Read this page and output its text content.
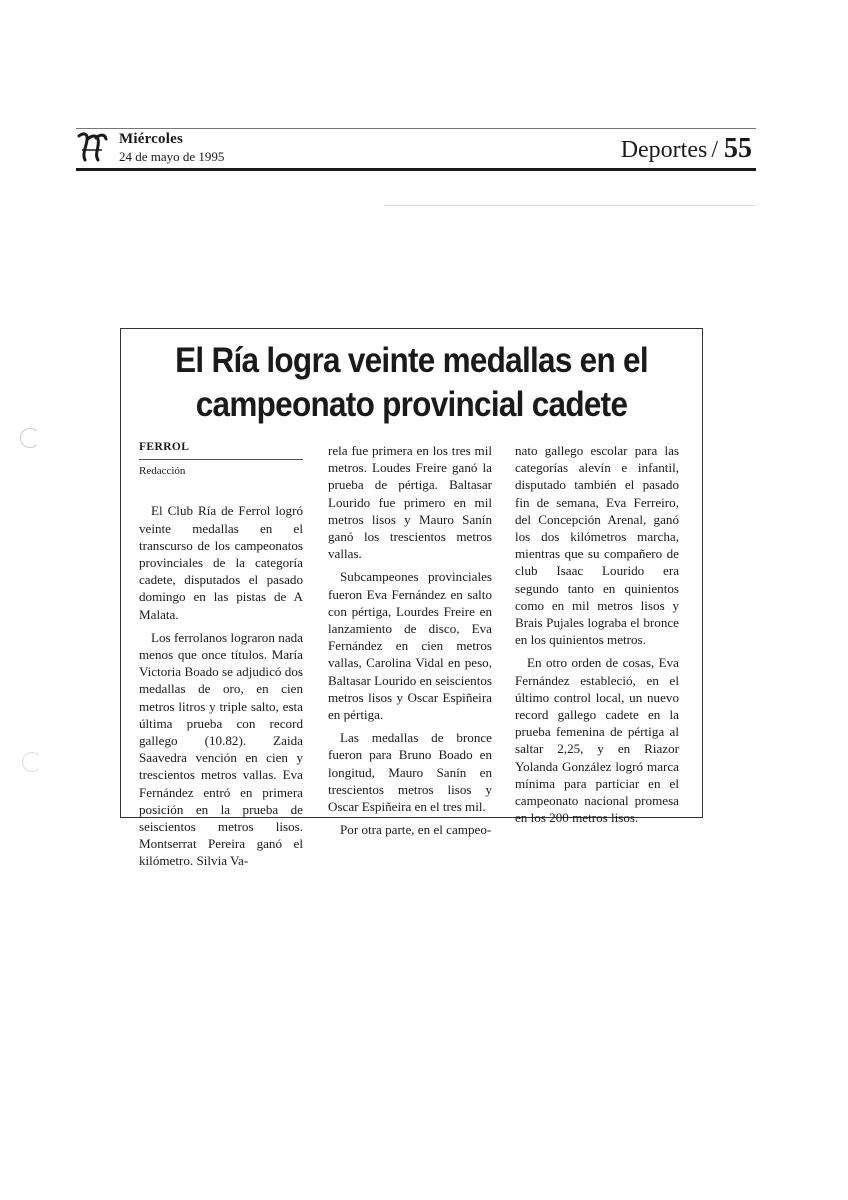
Miércoles
24 de mayo de 1995	Deportes / 55
El Ría logra veinte medallas en el
campeonato provincial cadete
FERROL
Redacción

El Club Ría de Ferrol logró veinte medallas en el transcurso de los campeonatos provinciales de la categoría cadete, disputados el pasado domingo en las pistas de A Malata.

Los ferrolanos lograron nada menos que once títulos. María Victoria Boado se adjudicó dos medallas de oro, en cien metros litros y triple salto, esta última prueba con record gallego (10.82). Zaida Saavedra vención en cien y trescientos metros vallas. Eva Fernández entró en primera posición en la prueba de seiscientos metros lisos. Montserrat Pereira ganó el kilómetro. Silvia Va-

rela fue primera en los tres mil metros. Loudes Freire ganó la prueba de pértiga. Baltasar Lourido fue primero en mil metros lisos y Mauro Sanín ganó los trescientos metros vallas.

Subcampeones provinciales fueron Eva Fernández en salto con pértiga, Lourdes Freire en lanzamiento de disco, Eva Fernández en cien metros vallas, Carolina Vidal en peso, Baltasar Lourido en seiscientos metros lisos y Oscar Espiñeira en pértiga.

Las medallas de bronce fueron para Bruno Boado en longitud, Mauro Sanín en trescientos metros lisos y Oscar Espiñeira en el tres mil.

Por otra parte, en el campeo-

nato gallego escolar para las categorías alevín e infantil, disputado también el pasado fin de semana, Eva Ferreiro, del Concepción Arenal, ganó los dos kilómetros marcha, mientras que su compañero de club Isaac Lourido era segundo tanto en quinientos como en mil metros lisos y Brais Pujales lograba el bronce en los quinientos metros.

En otro orden de cosas, Eva Fernández estableció, en el último control local, un nuevo record gallego cadete en la prueba femenina de pértiga al saltar 2,25, y en Riazor Yolanda González logró marca mínima para particiar en el campeonato nacional promesa en los 200 metros lisos.
